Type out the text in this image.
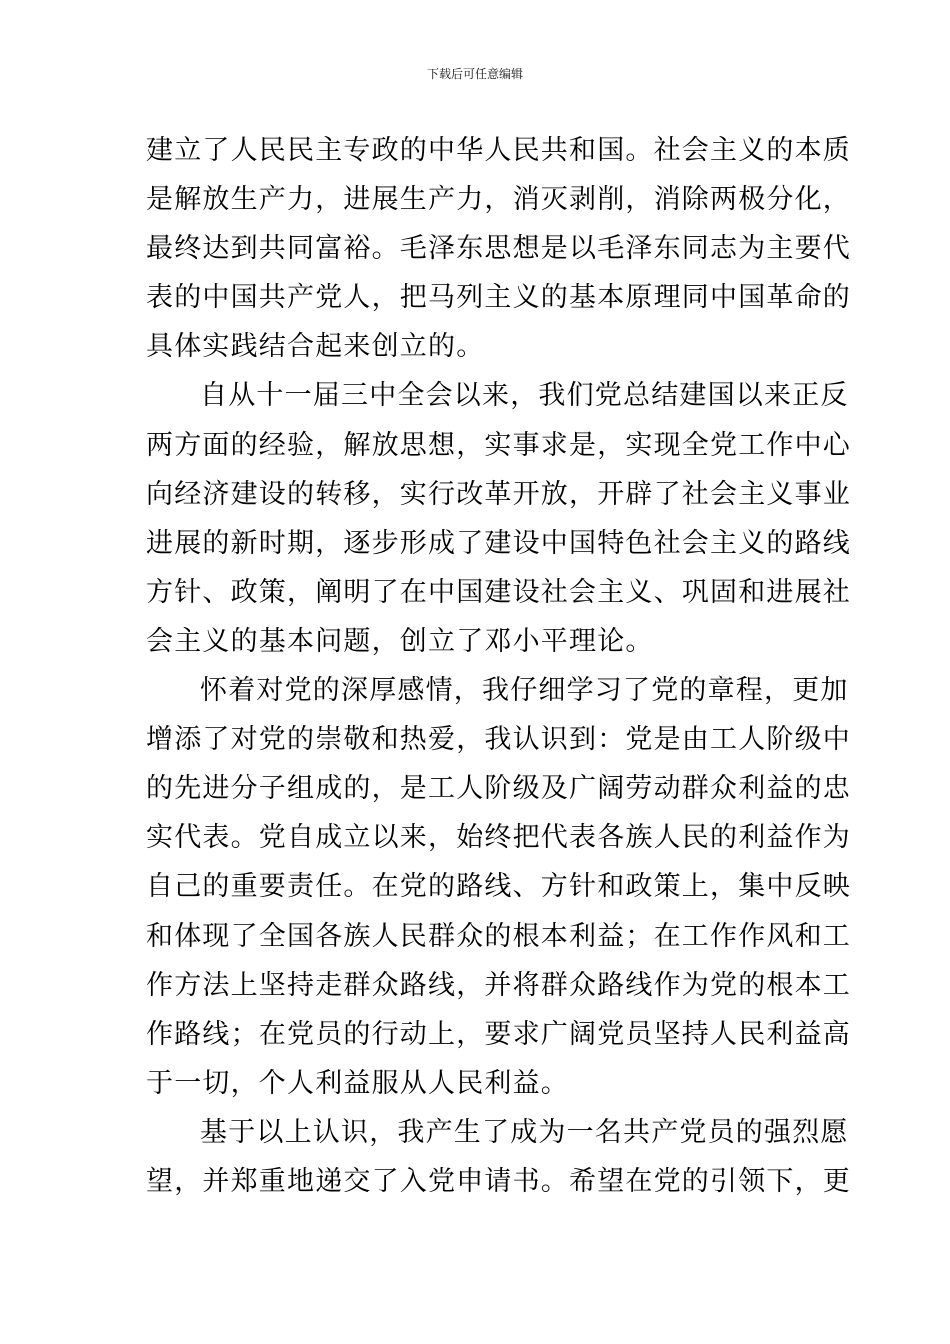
下载后可任意编辑
建立了人民民主专政的中华人民共和国。社会主义的本质
是解放生产力，进展生产力，消灭剥削，消除两极分化，
最终达到共同富裕。毛泽东思想是以毛泽东同志为主要代
表的中国共产党人，把马列主义的基本原理同中国革命的
具体实践结合起来创立的。
自从十一届三中全会以来，我们党总结建国以来正反
两方面的经验，解放思想，实事求是，实现全党工作中心
向经济建设的转移，实行改革开放，开辟了社会主义事业
进展的新时期，逐步形成了建设中国特色社会主义的路线
方针、政策，阐明了在中国建设社会主义、巩固和进展社
会主义的基本问题，创立了邓小平理论。
怀着对党的深厚感情，我仔细学习了党的章程，更加
增添了对党的崇敬和热爱，我认识到：党是由工人阶级中
的先进分子组成的，是工人阶级及广阔劳动群众利益的忠
实代表。党自成立以来，始终把代表各族人民的利益作为
自己的重要责任。在党的路线、方针和政策上，集中反映
和体现了全国各族人民群众的根本利益；在工作作风和工
作方法上坚持走群众路线，并将群众路线作为党的根本工
作路线；在党员的行动上，要求广阔党员坚持人民利益高
于一切，个人利益服从人民利益。
基于以上认识，我产生了成为一名共产党员的强烈愿
望，并郑重地递交了入党申请书。希望在党的引领下，更
